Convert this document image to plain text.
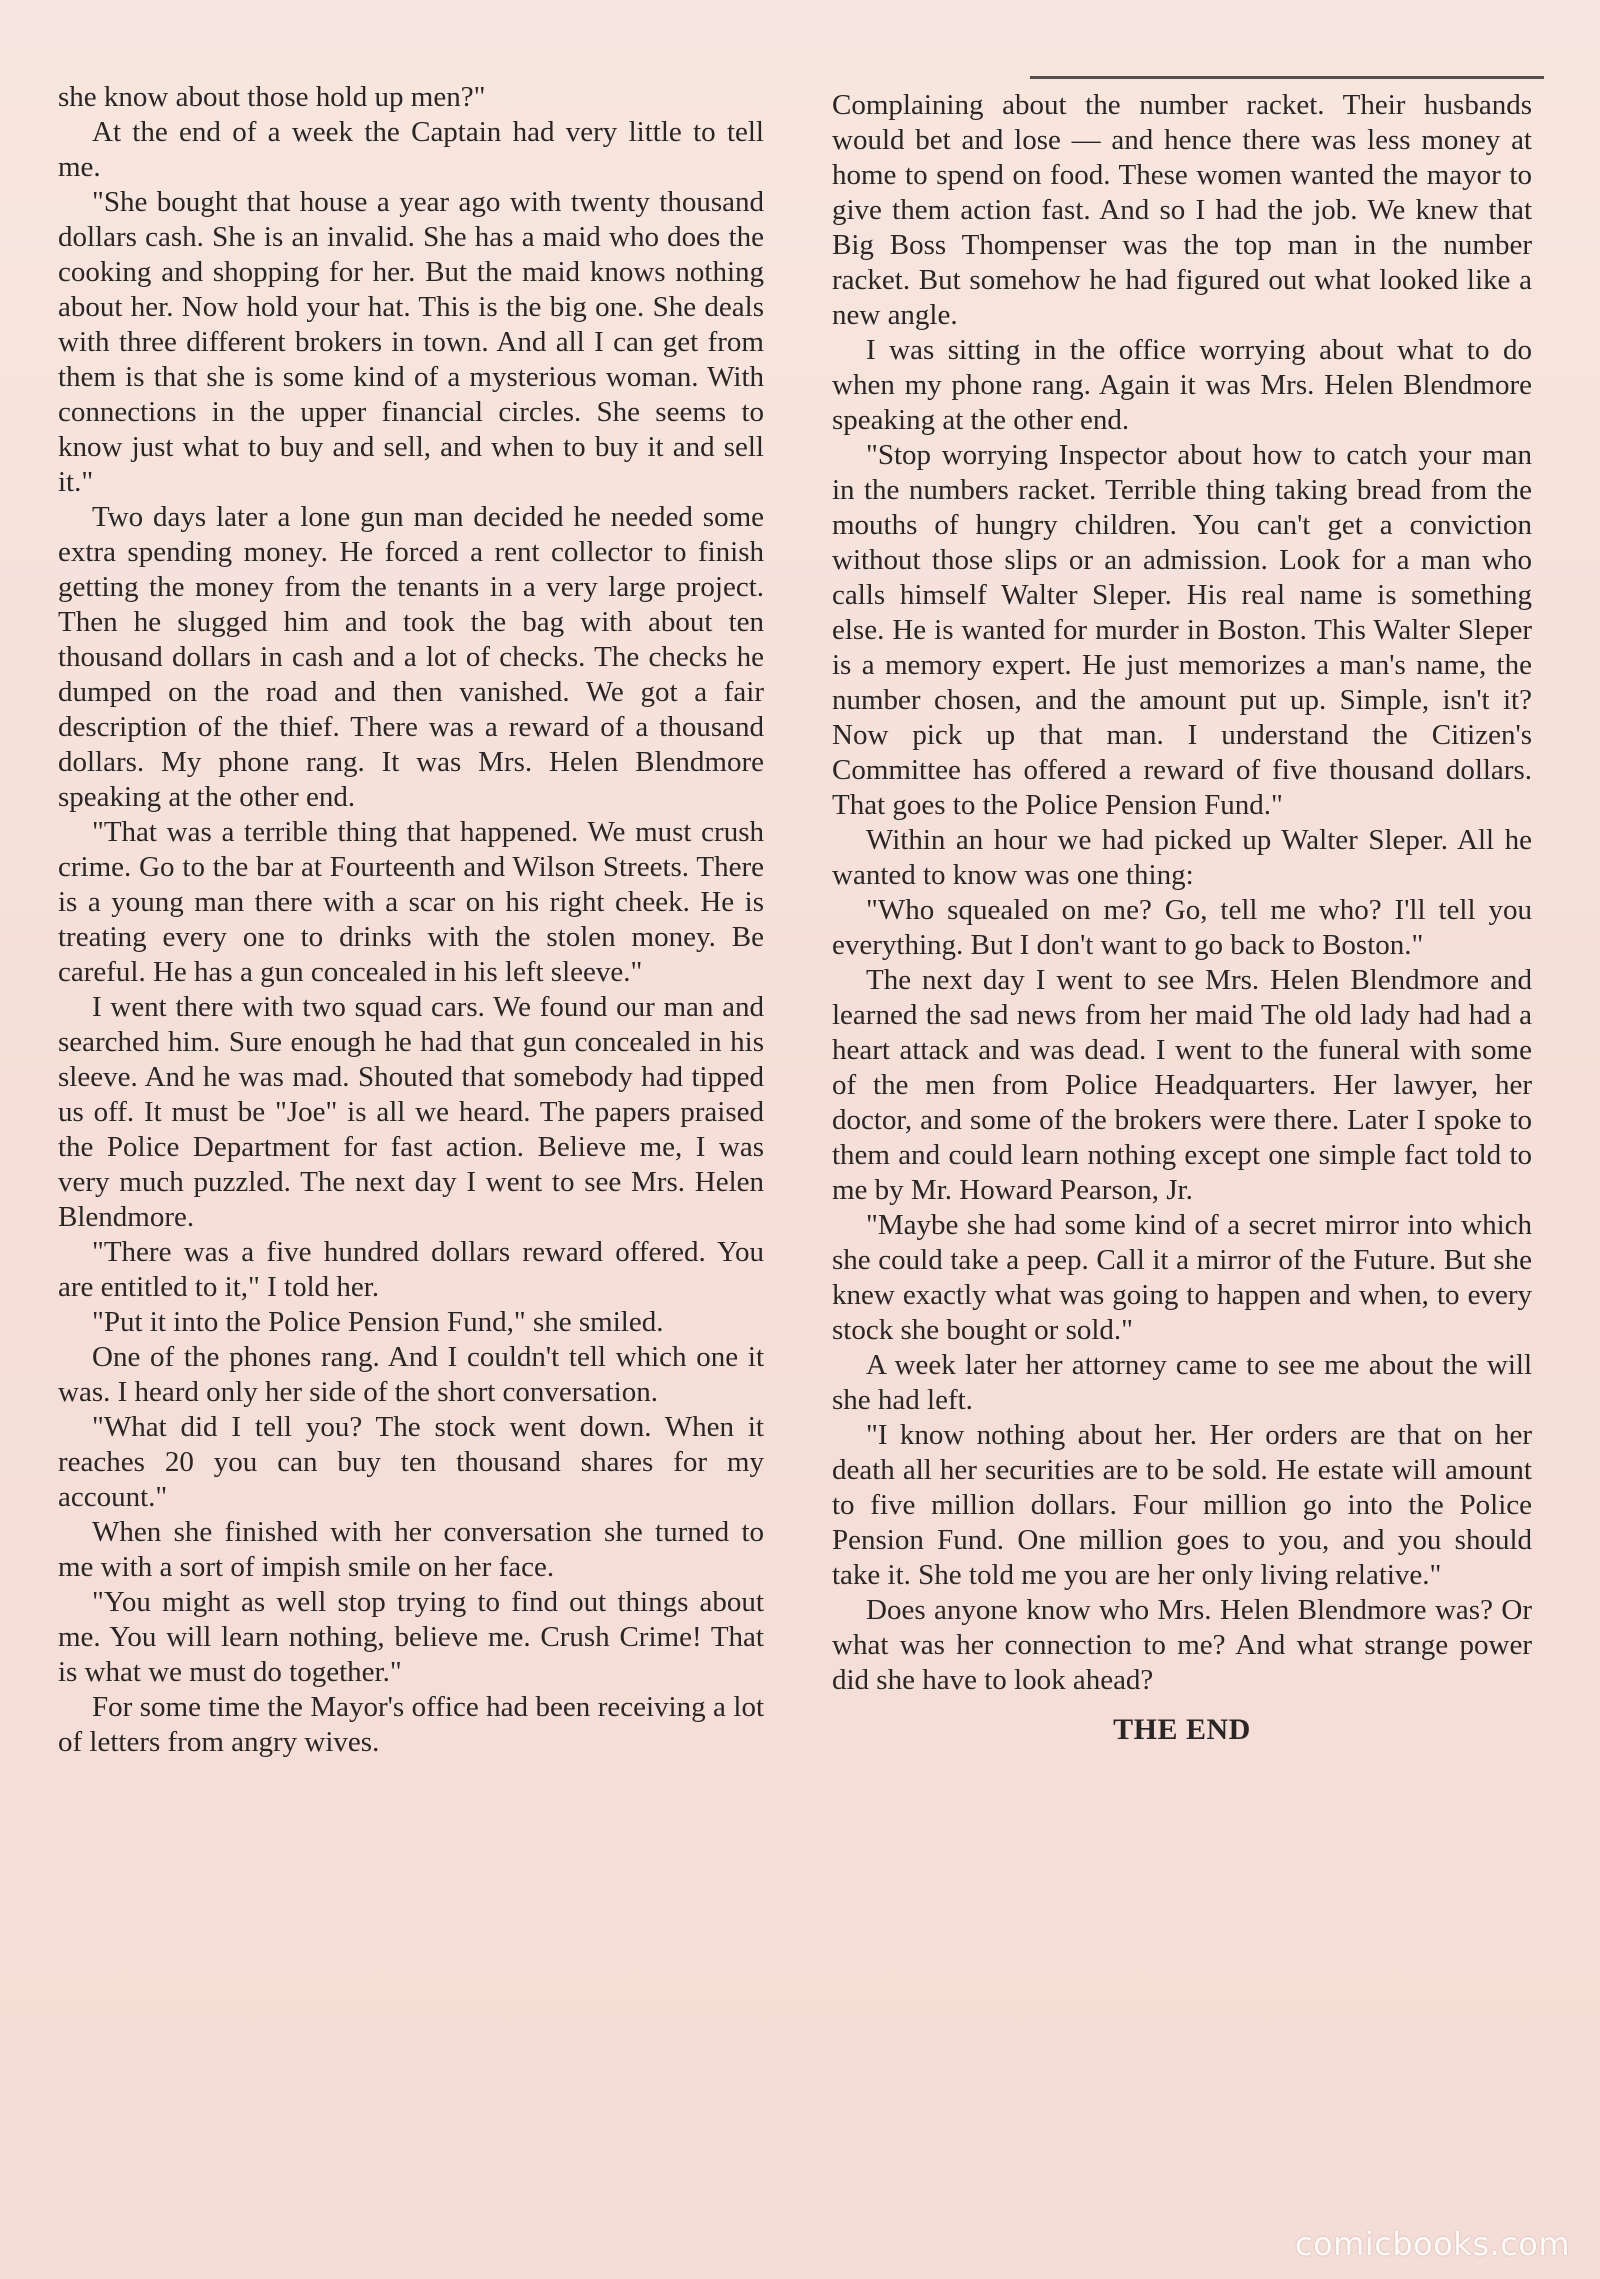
she know about those hold up men?"

At the end of a week the Captain had very little to tell me.

"She bought that house a year ago with twenty thousand dollars cash. She is an invalid. She has a maid who does the cooking and shopping for her. But the maid knows nothing about her. Now hold your hat. This is the big one. She deals with three different brokers in town. And all I can get from them is that she is some kind of a mysterious woman. With connections in the upper financial circles. She seems to know just what to buy and sell, and when to buy it and sell it."

Two days later a lone gun man decided he needed some extra spending money. He forced a rent collector to finish getting the money from the tenants in a very large project. Then he slugged him and took the bag with about ten thousand dollars in cash and a lot of checks. The checks he dumped on the road and then vanished. We got a fair description of the thief. There was a reward of a thousand dollars. My phone rang. It was Mrs. Helen Blendmore speaking at the other end.

"That was a terrible thing that happened. We must crush crime. Go to the bar at Fourteenth and Wilson Streets. There is a young man there with a scar on his right cheek. He is treating every one to drinks with the stolen money. Be careful. He has a gun concealed in his left sleeve."

I went there with two squad cars. We found our man and searched him. Sure enough he had that gun concealed in his sleeve. And he was mad. Shouted that somebody had tipped us off. It must be "Joe" is all we heard. The papers praised the Police Department for fast action. Believe me, I was very much puzzled. The next day I went to see Mrs. Helen Blendmore.

"There was a five hundred dollars reward offered. You are entitled to it," I told her.

"Put it into the Police Pension Fund," she smiled.

One of the phones rang. And I couldn't tell which one it was. I heard only her side of the short conversation.

"What did I tell you? The stock went down. When it reaches 20 you can buy ten thousand shares for my account."

When she finished with her conversation she turned to me with a sort of impish smile on her face.

"You might as well stop trying to find out things about me. You will learn nothing, believe me. Crush Crime! That is what we must do together."

For some time the Mayor's office had been receiving a lot of letters from angry wives.

Complaining about the number racket. Their husbands would bet and lose — and hence there was less money at home to spend on food. These women wanted the mayor to give them action fast. And so I had the job. We knew that Big Boss Thompenser was the top man in the number racket. But somehow he had figured out what looked like a new angle.

I was sitting in the office worrying about what to do when my phone rang. Again it was Mrs. Helen Blendmore speaking at the other end.

"Stop worrying Inspector about how to catch your man in the numbers racket. Terrible thing taking bread from the mouths of hungry children. You can't get a conviction without those slips or an admission. Look for a man who calls himself Walter Sleper. His real name is something else. He is wanted for murder in Boston. This Walter Sleper is a memory expert. He just memorizes a man's name, the number chosen, and the amount put up. Simple, isn't it? Now pick up that man. I understand the Citizen's Committee has offered a reward of five thousand dollars. That goes to the Police Pension Fund."

Within an hour we had picked up Walter Sleper. All he wanted to know was one thing:

"Who squealed on me? Go, tell me who? I'll tell you everything. But I don't want to go back to Boston."

The next day I went to see Mrs. Helen Blendmore and learned the sad news from her maid The old lady had had a heart attack and was dead. I went to the funeral with some of the men from Police Headquarters. Her lawyer, her doctor, and some of the brokers were there. Later I spoke to them and could learn nothing except one simple fact told to me by Mr. Howard Pearson, Jr.

"Maybe she had some kind of a secret mirror into which she could take a peep. Call it a mirror of the Future. But she knew exactly what was going to happen and when, to every stock she bought or sold."

A week later her attorney came to see me about the will she had left.

"I know nothing about her. Her orders are that on her death all her securities are to be sold. He estate will amount to five million dollars. Four million go into the Police Pension Fund. One million goes to you, and you should take it. She told me you are her only living relative."

Does anyone know who Mrs. Helen Blendmore was? Or what was her connection to me? And what strange power did she have to look ahead?

THE END
comicbooks.com
